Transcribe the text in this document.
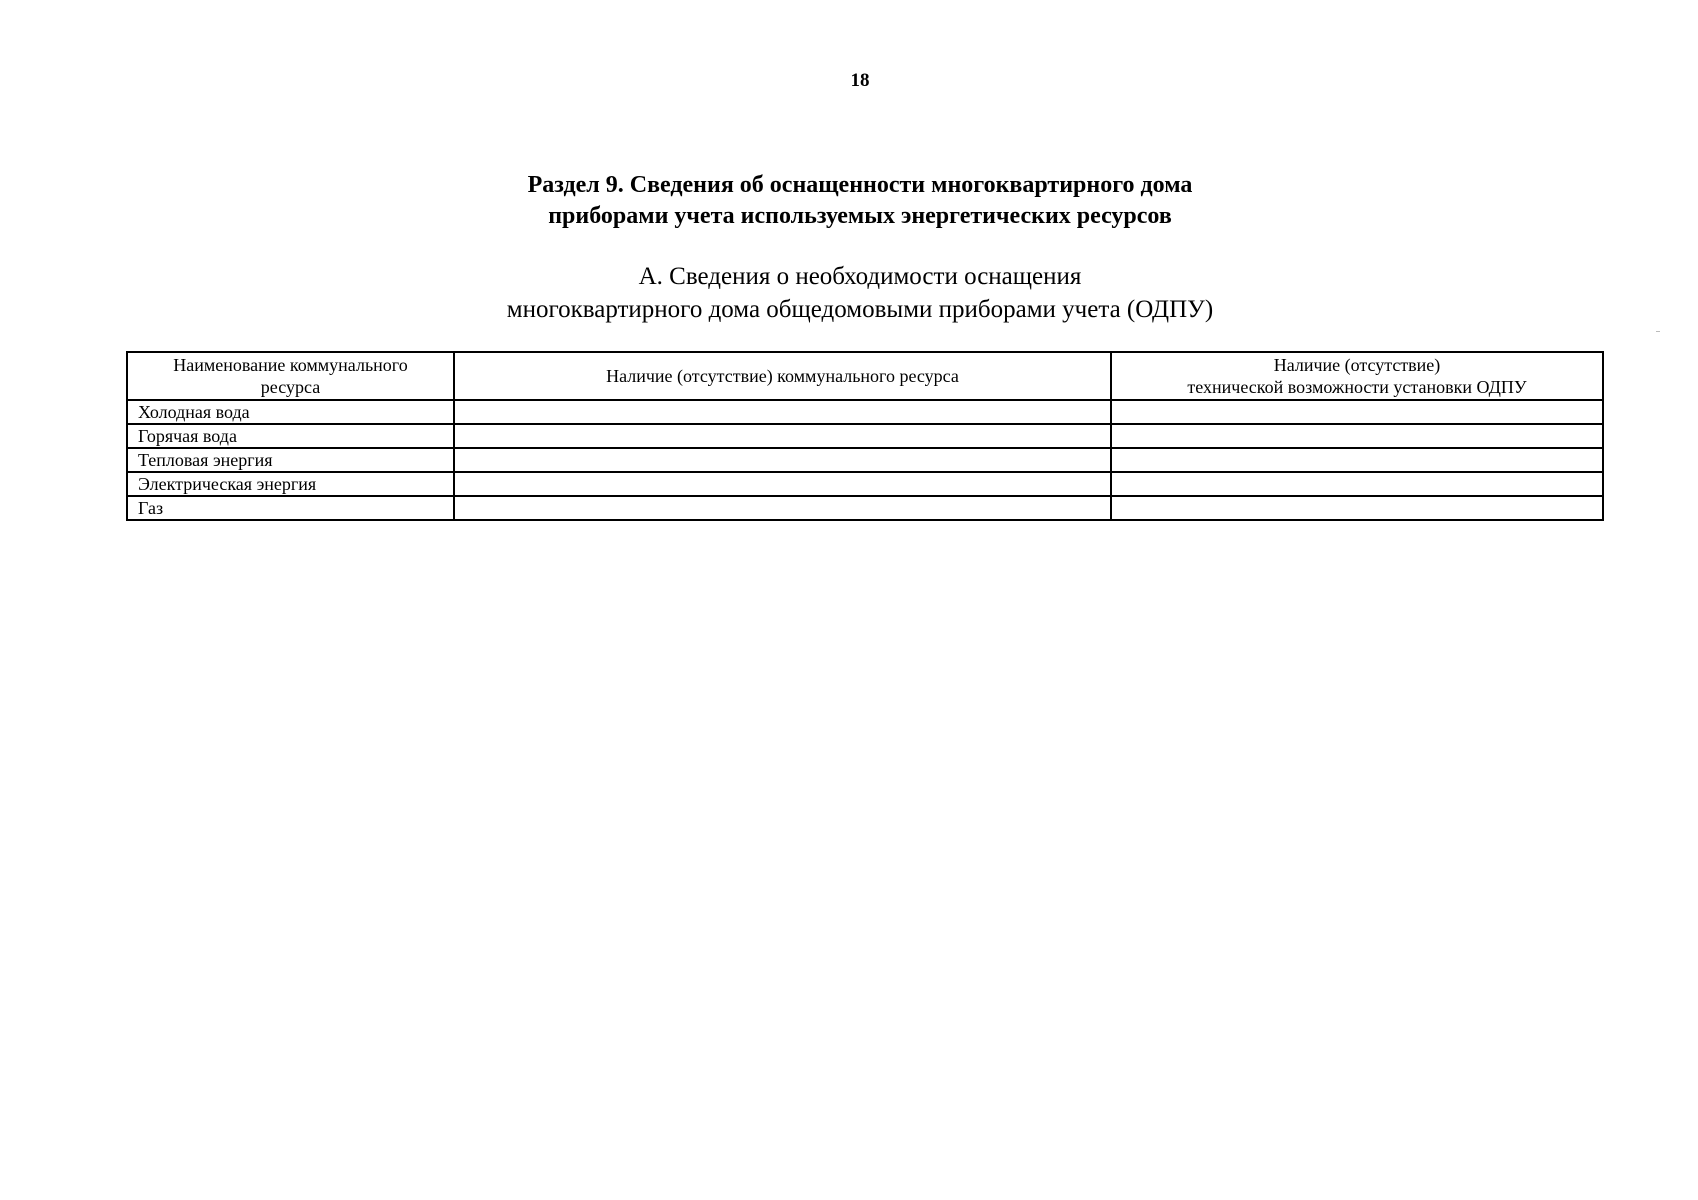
18
Раздел 9. Сведения об оснащенности многоквартирного дома
приборами учета используемых энергетических ресурсов
А. Сведения о необходимости оснащения
многоквартирного дома общедомовыми приборами учета (ОДПУ)
Наименование коммунального
ресурса	Наличие (отсутствие) коммунального ресурса	Наличие (отсутствие)
технической возможности установки ОДПУ

Холодная вода		
Горячая вода		
Тепловая энергия		
Электрическая энергия		
Газ		
